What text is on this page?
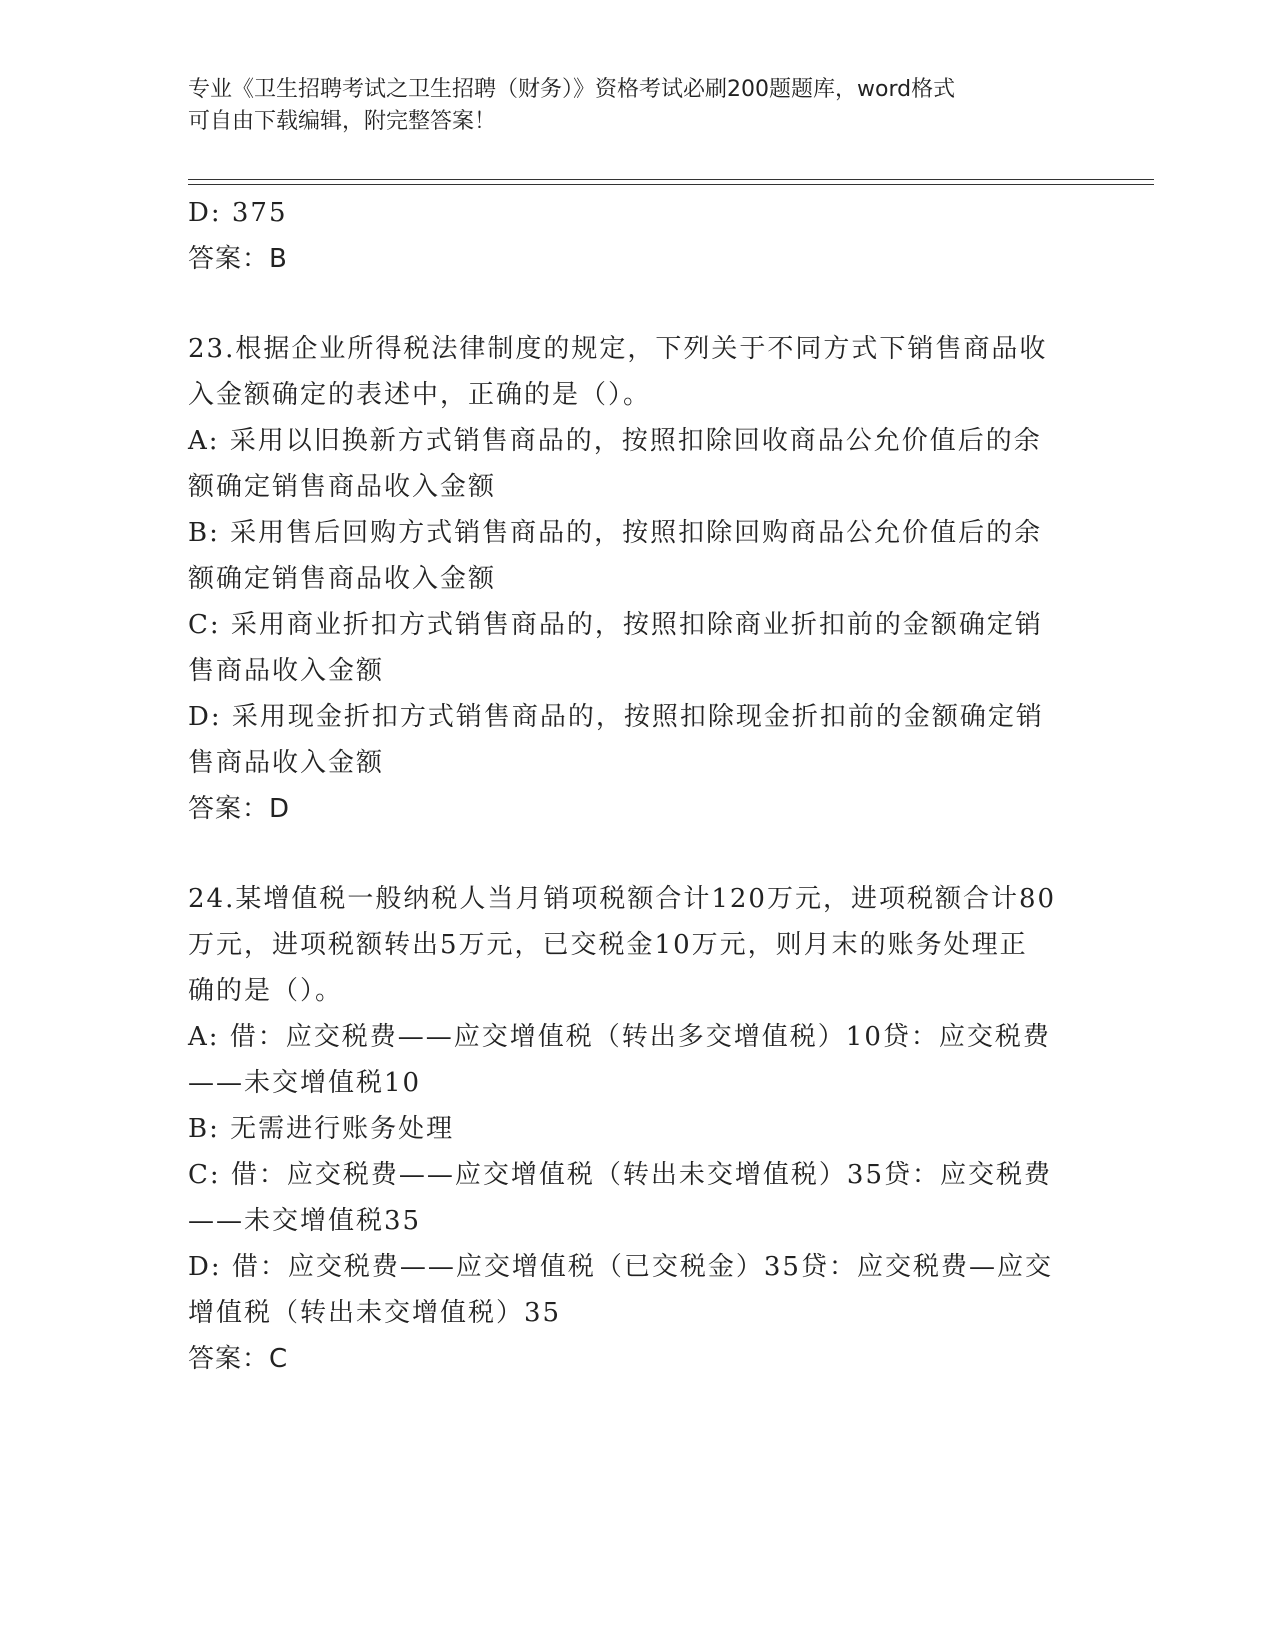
专业《卫生招聘考试之卫生招聘（财务）》资格考试必刷200题题库，word格式
可自由下载编辑，附完整答案！
D: 375
答案：B
23.根据企业所得税法律制度的规定，下列关于不同方式下销售商品收
入金额确定的表述中，正确的是（）。
A: 采用以旧换新方式销售商品的，按照扣除回收商品公允价值后的余
额确定销售商品收入金额
B: 采用售后回购方式销售商品的，按照扣除回购商品公允价值后的余
额确定销售商品收入金额
C: 采用商业折扣方式销售商品的，按照扣除商业折扣前的金额确定销
售商品收入金额
D: 采用现金折扣方式销售商品的，按照扣除现金折扣前的金额确定销
售商品收入金额
答案：D
24.某增值税一般纳税人当月销项税额合计120万元，进项税额合计80
万元，进项税额转出5万元，已交税金10万元，则月末的账务处理正
确的是（）。
A: 借：应交税费——应交增值税（转出多交增值税）10贷：应交税费
——未交增值税10
B: 无需进行账务处理
C: 借：应交税费——应交增值税（转出未交增值税）35贷：应交税费
——未交增值税35
D: 借：应交税费——应交增值税（已交税金）35贷：应交税费—应交
增值税（转出未交增值税）35
答案：C
